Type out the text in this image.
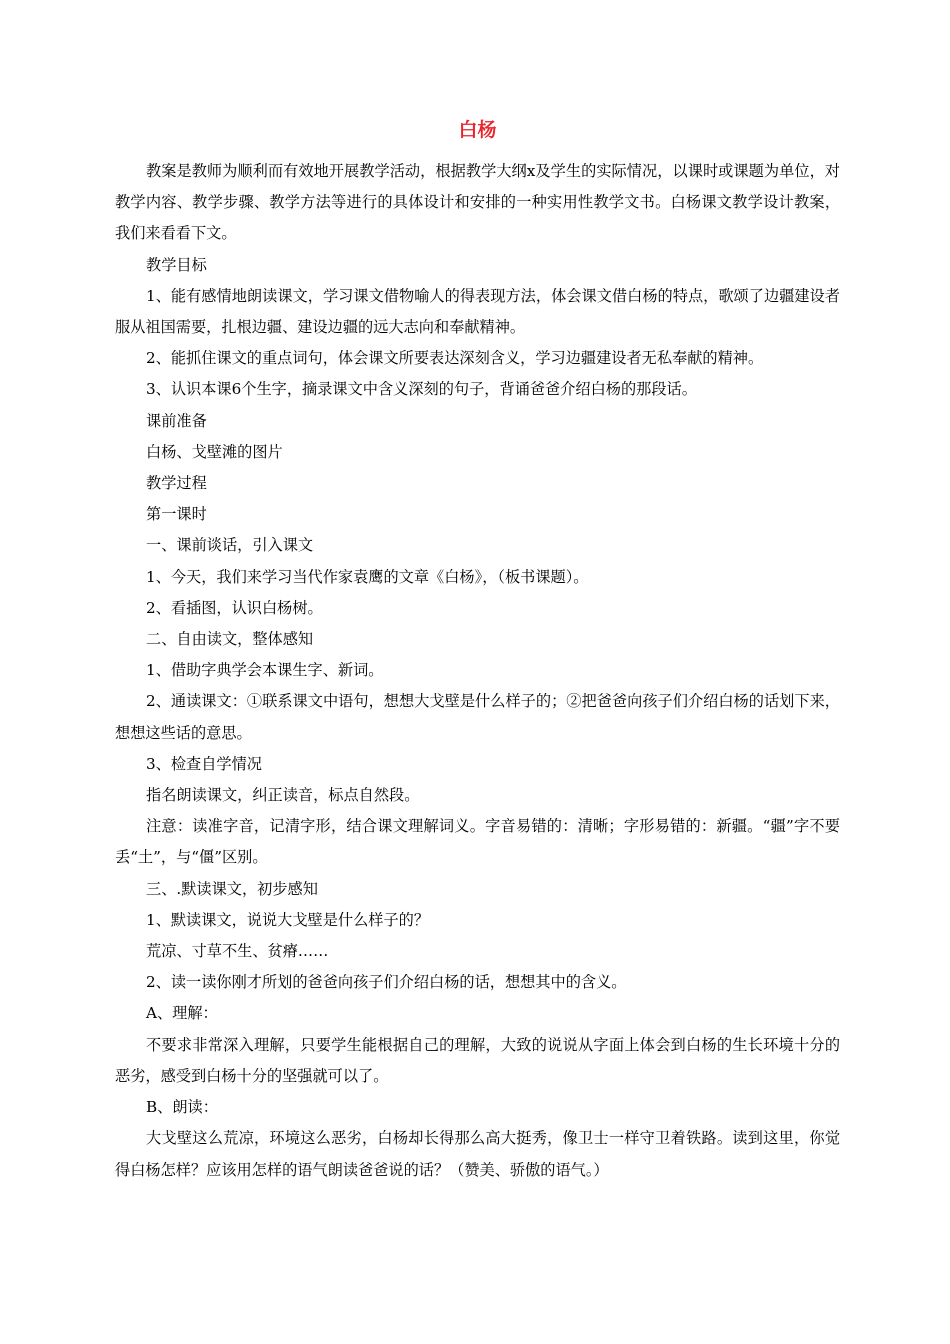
白杨

教案是教师为顺利而有效地开展教学活动，根据教学大纲x及学生的实际情况，以课时或课题为单位，对教学内容、教学步骤、教学方法等进行的具体设计和安排的一种实用性教学文书。白杨课文教学设计教案，我们来看看下文。

教学目标

1、能有感情地朗读课文，学习课文借物喻人的得表现方法，体会课文借白杨的特点，歌颂了边疆建设者服从祖国需要，扎根边疆、建设边疆的远大志向和奉献精神。

2、能抓住课文的重点词句，体会课文所要表达深刻含义，学习边疆建设者无私奉献的精神。

3、认识本课6个生字，摘录课文中含义深刻的句子，背诵爸爸介绍白杨的那段话。

课前准备

白杨、戈壁滩的图片

教学过程

第一课时

一、课前谈话，引入课文

1、今天，我们来学习当代作家袁鹰的文章《白杨》，（板书课题）。

2、看插图，认识白杨树。

二、自由读文，整体感知

1、借助字典学会本课生字、新词。

2、通读课文：①联系课文中语句，想想大戈壁是什么样子的；②把爸爸向孩子们介绍白杨的话划下来，想想这些话的意思。

3、检查自学情况

指名朗读课文，纠正读音，标点自然段。

注意：读准字音，记清字形，结合课文理解词义。字音易错的：清晰；字形易错的：新疆。“疆”字不要丢“土”，与“僵”区别。

三、.默读课文，初步感知

1、默读课文，说说大戈壁是什么样子的？

荒凉、寸草不生、贫瘠……

2、读一读你刚才所划的爸爸向孩子们介绍白杨的话，想想其中的含义。

A、理解：

不要求非常深入理解，只要学生能根据自己的理解，大致的说说从字面上体会到白杨的生长环境十分的恶劣，感受到白杨十分的坚强就可以了。

B、朗读：

大戈壁这么荒凉，环境这么恶劣，白杨却长得那么高大挺秀，像卫士一样守卫着铁路。读到这里，你觉得白杨怎样？应该用怎样的语气朗读爸爸说的话？（赞美、骄傲的语气。）
